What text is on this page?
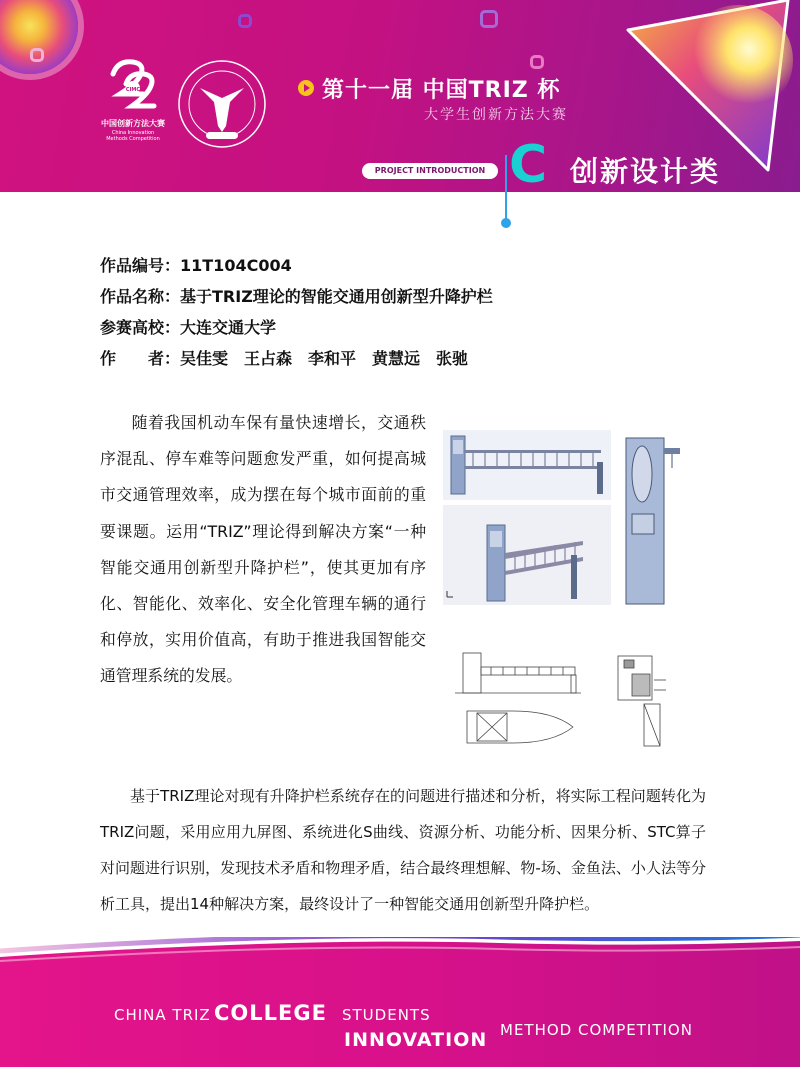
CIMC
中国创新方法大赛
China Innovation
Methods Competition
第十一届 中国TRIZ 杯
大学生创新方法大赛
PROJECT INTRODUCTION C 创新设计类
作品编号：11T104C004
作品名称：基于TRIZ理论的智能交通用创新型升降护栏
参赛高校：大连交通大学
作　　者：吴佳雯　王占森　李和平　黄慧远　张驰
随着我国机动车保有量快速增长，交通秩序混乱、停车难等问题愈发严重，如何提高城市交通管理效率，成为摆在每个城市面前的重要课题。运用“TRIZ”理论得到解决方案“一种智能交通用创新型升降护栏”，使其更加有序化、智能化、效率化、安全化管理车辆的通行和停放，实用价值高，有助于推进我国智能交通管理系统的发展。
基于TRIZ理论对现有升降护栏系统存在的问题进行描述和分析，将实际工程问题转化为TRIZ问题，采用应用九屏图、系统进化S曲线、资源分析、功能分析、因果分析、STC算子对问题进行识别，发现技术矛盾和物理矛盾，结合最终理想解、物-场、金鱼法、小人法等分析工具，提出14种解决方案，最终设计了一种智能交通用创新型升降护栏。
CHINA TRIZ COLLEGE STUDENTS
INNOVATION METHOD COMPETITION
